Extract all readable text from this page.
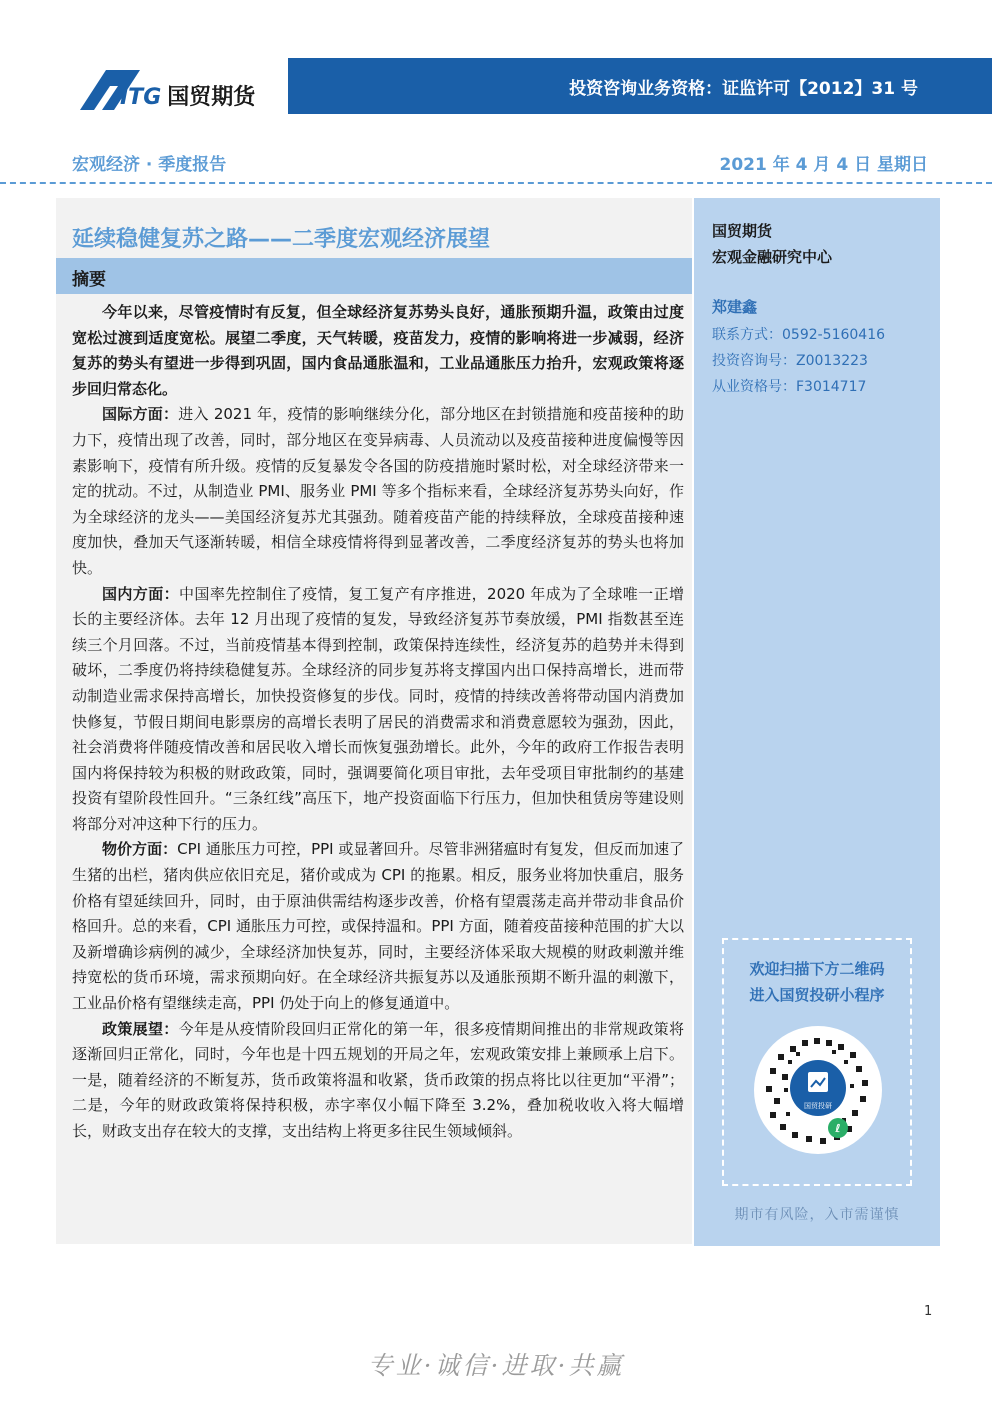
ITG 国贸期货	投资咨询业务资格：证监许可【2012】31 号
宏观经济 · 季度报告	2021 年 4 月 4 日 星期日
延续稳健复苏之路——二季度宏观经济展望
摘要

今年以来，尽管疫情时有反复，但全球经济复苏势头良好，通胀预期升温，政策由过度宽松过渡到适度宽松。展望二季度，天气转暖，疫苗发力，疫情的影响将进一步减弱，经济复苏的势头有望进一步得到巩固，国内食品通胀温和，工业品通胀压力抬升，宏观政策将逐步回归常态化。

国际方面：进入 2021 年，疫情的影响继续分化，部分地区在封锁措施和疫苗接种的助力下，疫情出现了改善，同时，部分地区在变异病毒、人员流动以及疫苗接种进度偏慢等因素影响下，疫情有所升级。疫情的反复暴发令各国的防疫措施时紧时松，对全球经济带来一定的扰动。不过，从制造业 PMI、服务业 PMI 等多个指标来看，全球经济复苏势头向好，作为全球经济的龙头——美国经济复苏尤其强劲。随着疫苗产能的持续释放，全球疫苗接种速度加快，叠加天气逐渐转暖，相信全球疫情将得到显著改善，二季度经济复苏的势头也将加快。

国内方面：中国率先控制住了疫情，复工复产有序推进，2020 年成为了全球唯一正增长的主要经济体。去年 12 月出现了疫情的复发，导致经济复苏节奏放缓，PMI 指数甚至连续三个月回落。不过，当前疫情基本得到控制，政策保持连续性，经济复苏的趋势并未得到破坏，二季度仍将持续稳健复苏。全球经济的同步复苏将支撑国内出口保持高增长，进而带动制造业需求保持高增长，加快投资修复的步伐。同时，疫情的持续改善将带动国内消费加快修复，节假日期间电影票房的高增长表明了居民的消费需求和消费意愿较为强劲，因此，社会消费将伴随疫情改善和居民收入增长而恢复强劲增长。此外，今年的政府工作报告表明国内将保持较为积极的财政政策，同时，强调要简化项目审批，去年受项目审批制约的基建投资有望阶段性回升。“三条红线”高压下，地产投资面临下行压力，但加快租赁房等建设则将部分对冲这种下行的压力。

物价方面：CPI 通胀压力可控，PPI 或显著回升。尽管非洲猪瘟时有复发，但反而加速了生猪的出栏，猪肉供应依旧充足，猪价或成为 CPI 的拖累。相反，服务业将加快重启，服务价格有望延续回升，同时，由于原油供需结构逐步改善，价格有望震荡走高并带动非食品价格回升。总的来看，CPI 通胀压力可控，或保持温和。PPI 方面，随着疫苗接种范围的扩大以及新增确诊病例的减少，全球经济加快复苏，同时，主要经济体采取大规模的财政刺激并维持宽松的货币环境，需求预期向好。在全球经济共振复苏以及通胀预期不断升温的刺激下，工业品价格有望继续走高，PPI 仍处于向上的修复通道中。

政策展望：今年是从疫情阶段回归正常化的第一年，很多疫情期间推出的非常规政策将逐渐回归正常化，同时，今年也是十四五规划的开局之年，宏观政策安排上兼顾承上启下。一是，随着经济的不断复苏，货币政策将温和收紧，货币政策的拐点将比以往更加“平滑”；二是，今年的财政政策将保持积极，赤字率仅小幅下降至 3.2%，叠加税收收入将大幅增长，财政支出存在较大的支撑，支出结构上将更多往民生领域倾斜。

国贸期货
宏观金融研究中心
郑建鑫
联系方式：0592-5160416
投资咨询号：Z0013223
从业资格号：F3014717
欢迎扫描下方二维码
进入国贸投研小程序
国贸投研
ℓ
期市有风险，入市需谨慎
1
专业·诚信·进取·共赢
